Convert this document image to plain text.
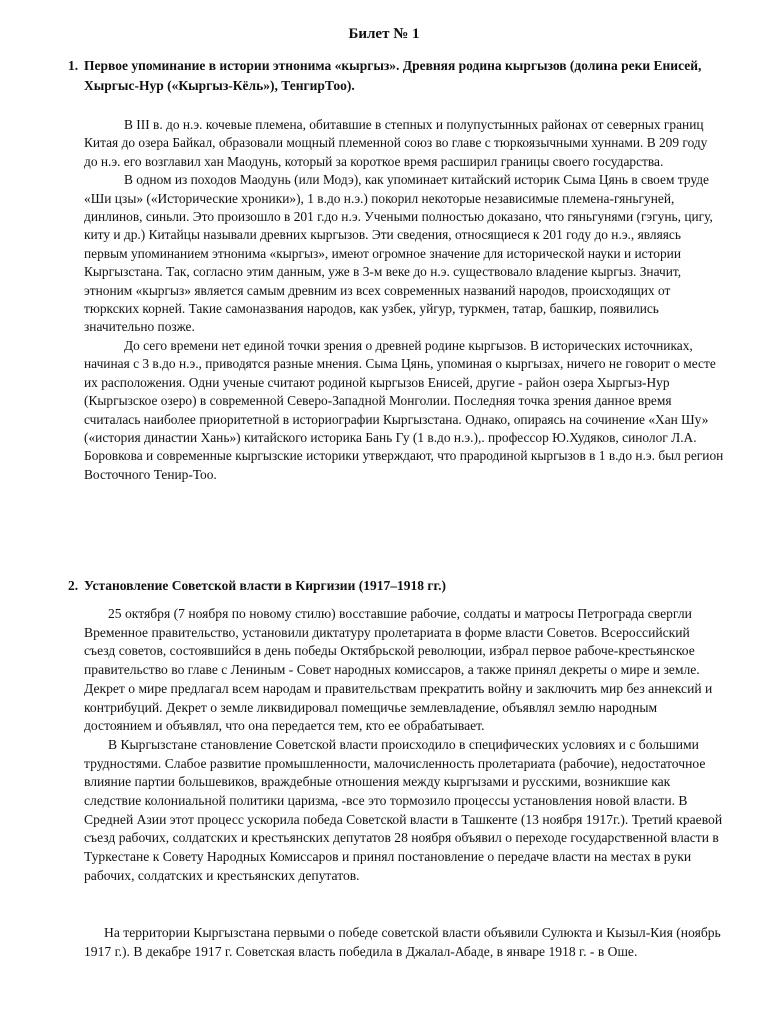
Билет № 1
1. Первое упоминание в истории этнонима «кыргыз». Древняя родина кыргызов (долина реки Енисей, Хыргыс-Нур («Кыргыз-Кёль»), ТенгирТоо).

В III в. до н.э. кочевые племена, обитавшие в степных и полупустынных районах от северных границ Китая до озера Байкал, образовали мощный племенной союз во главе с тюркоязычными хуннами. В 209 году до н.э. его возглавил хан Маодунь, который за короткое время расширил границы своего государства.

В одном из походов Маодунь (или Модэ), как упоминает китайский историк Сыма Цянь в своем труде «Ши цзы» («Исторические хроники»), 1 в.до н.э.) покорил некоторые независимые племена-гяньгуней, динлинов, синьли. Это произошло в 201 г.до н.э. Учеными полностью доказано, что гяньгунями (гэгунь, цигу, киту и др.) Китайцы называли древних кыргызов. Эти сведения, относящиеся к 201 году до н.э., являясь первым упоминанием этнонима «кыргыз», имеют огромное значение для исторической науки и истории Кыргызстана. Так, согласно этим данным, уже в 3-м веке до н.э. существовало владение кыргыз. Значит, этноним «кыргыз» является самым древним из всех современных названий народов, происходящих от тюркских корней. Такие самоназвания народов, как узбек, уйгур, туркмен, татар, башкир, появились значительно позже.

До сего времени нет единой точки зрения о древней родине кыргызов. В исторических источниках, начиная с 3 в.до н.э., приводятся разные мнения. Сыма Цянь, упоминая о кыргызах, ничего не говорит о месте их расположения. Одни ученые считают родиной кыргызов Енисей, другие - район озера Хыргыз-Нур (Кыргызское озеро) в современной Северо-Западной Монголии. Последняя точка зрения данное время считалась наиболее приоритетной в историографии Кыргызстана. Однако, опираясь на сочинение «Хан Шу» («история династии Хань») китайского историка Бань Гу (1 в.до н.э.),. профессор Ю.Худяков, синолог Л.А. Боровкова и современные кыргызские историки утверждают, что прародиной кыргызов в 1 в.до н.э. был регион Восточного Тенир-Тоо.

2. Установление Советской власти в Киргизии (1917–1918 гг.)

25 октября (7 ноября по новому стилю) восставшие рабочие, солдаты и матросы Петрограда свергли Временное правительство, установили диктатуру пролетариата в форме власти Советов. Всероссийский съезд советов, состоявшийся в день победы Октябрьской революции, избрал первое рабоче-крестьянское правительство во главе с Лениным - Совет народных комиссаров, а также принял декреты о мире и земле. Декрет о мире предлагал всем народам и правительствам прекратить войну и заключить мир без аннексий и контрибуций. Декрет о земле ликвидировал помещичье землевладение, объявлял землю народным достоянием и объявлял, что она передается тем, кто ее обрабатывает.

В Кыргызстане становление Советской власти происходило в специфических условиях и с большими трудностями. Слабое развитие промышленности, малочисленность пролетариата (рабочие), недостаточное влияние партии большевиков, враждебные отношения между кыргызами и русскими, возникшие как следствие колониальной политики царизма, -все это тормозило процессы установления новой власти. В Средней Азии этот процесс ускорила победа Советской власти в Ташкенте (13 ноября 1917г.). Третий краевой съезд рабочих, солдатских и крестьянских депутатов 28 ноября объявил о переходе государственной власти в Туркестане к Совету Народных Комиссаров и принял постановление о передаче власти на местах в руки рабочих, солдатских и крестьянских депутатов.

На территории Кыргызстана первыми о победе советской власти объявили Сулюкта и Кызыл-Кия (ноябрь 1917 г.). В декабре 1917 г. Советская власть победила в Джалал-Абаде, в январе 1918 г. - в Оше.
